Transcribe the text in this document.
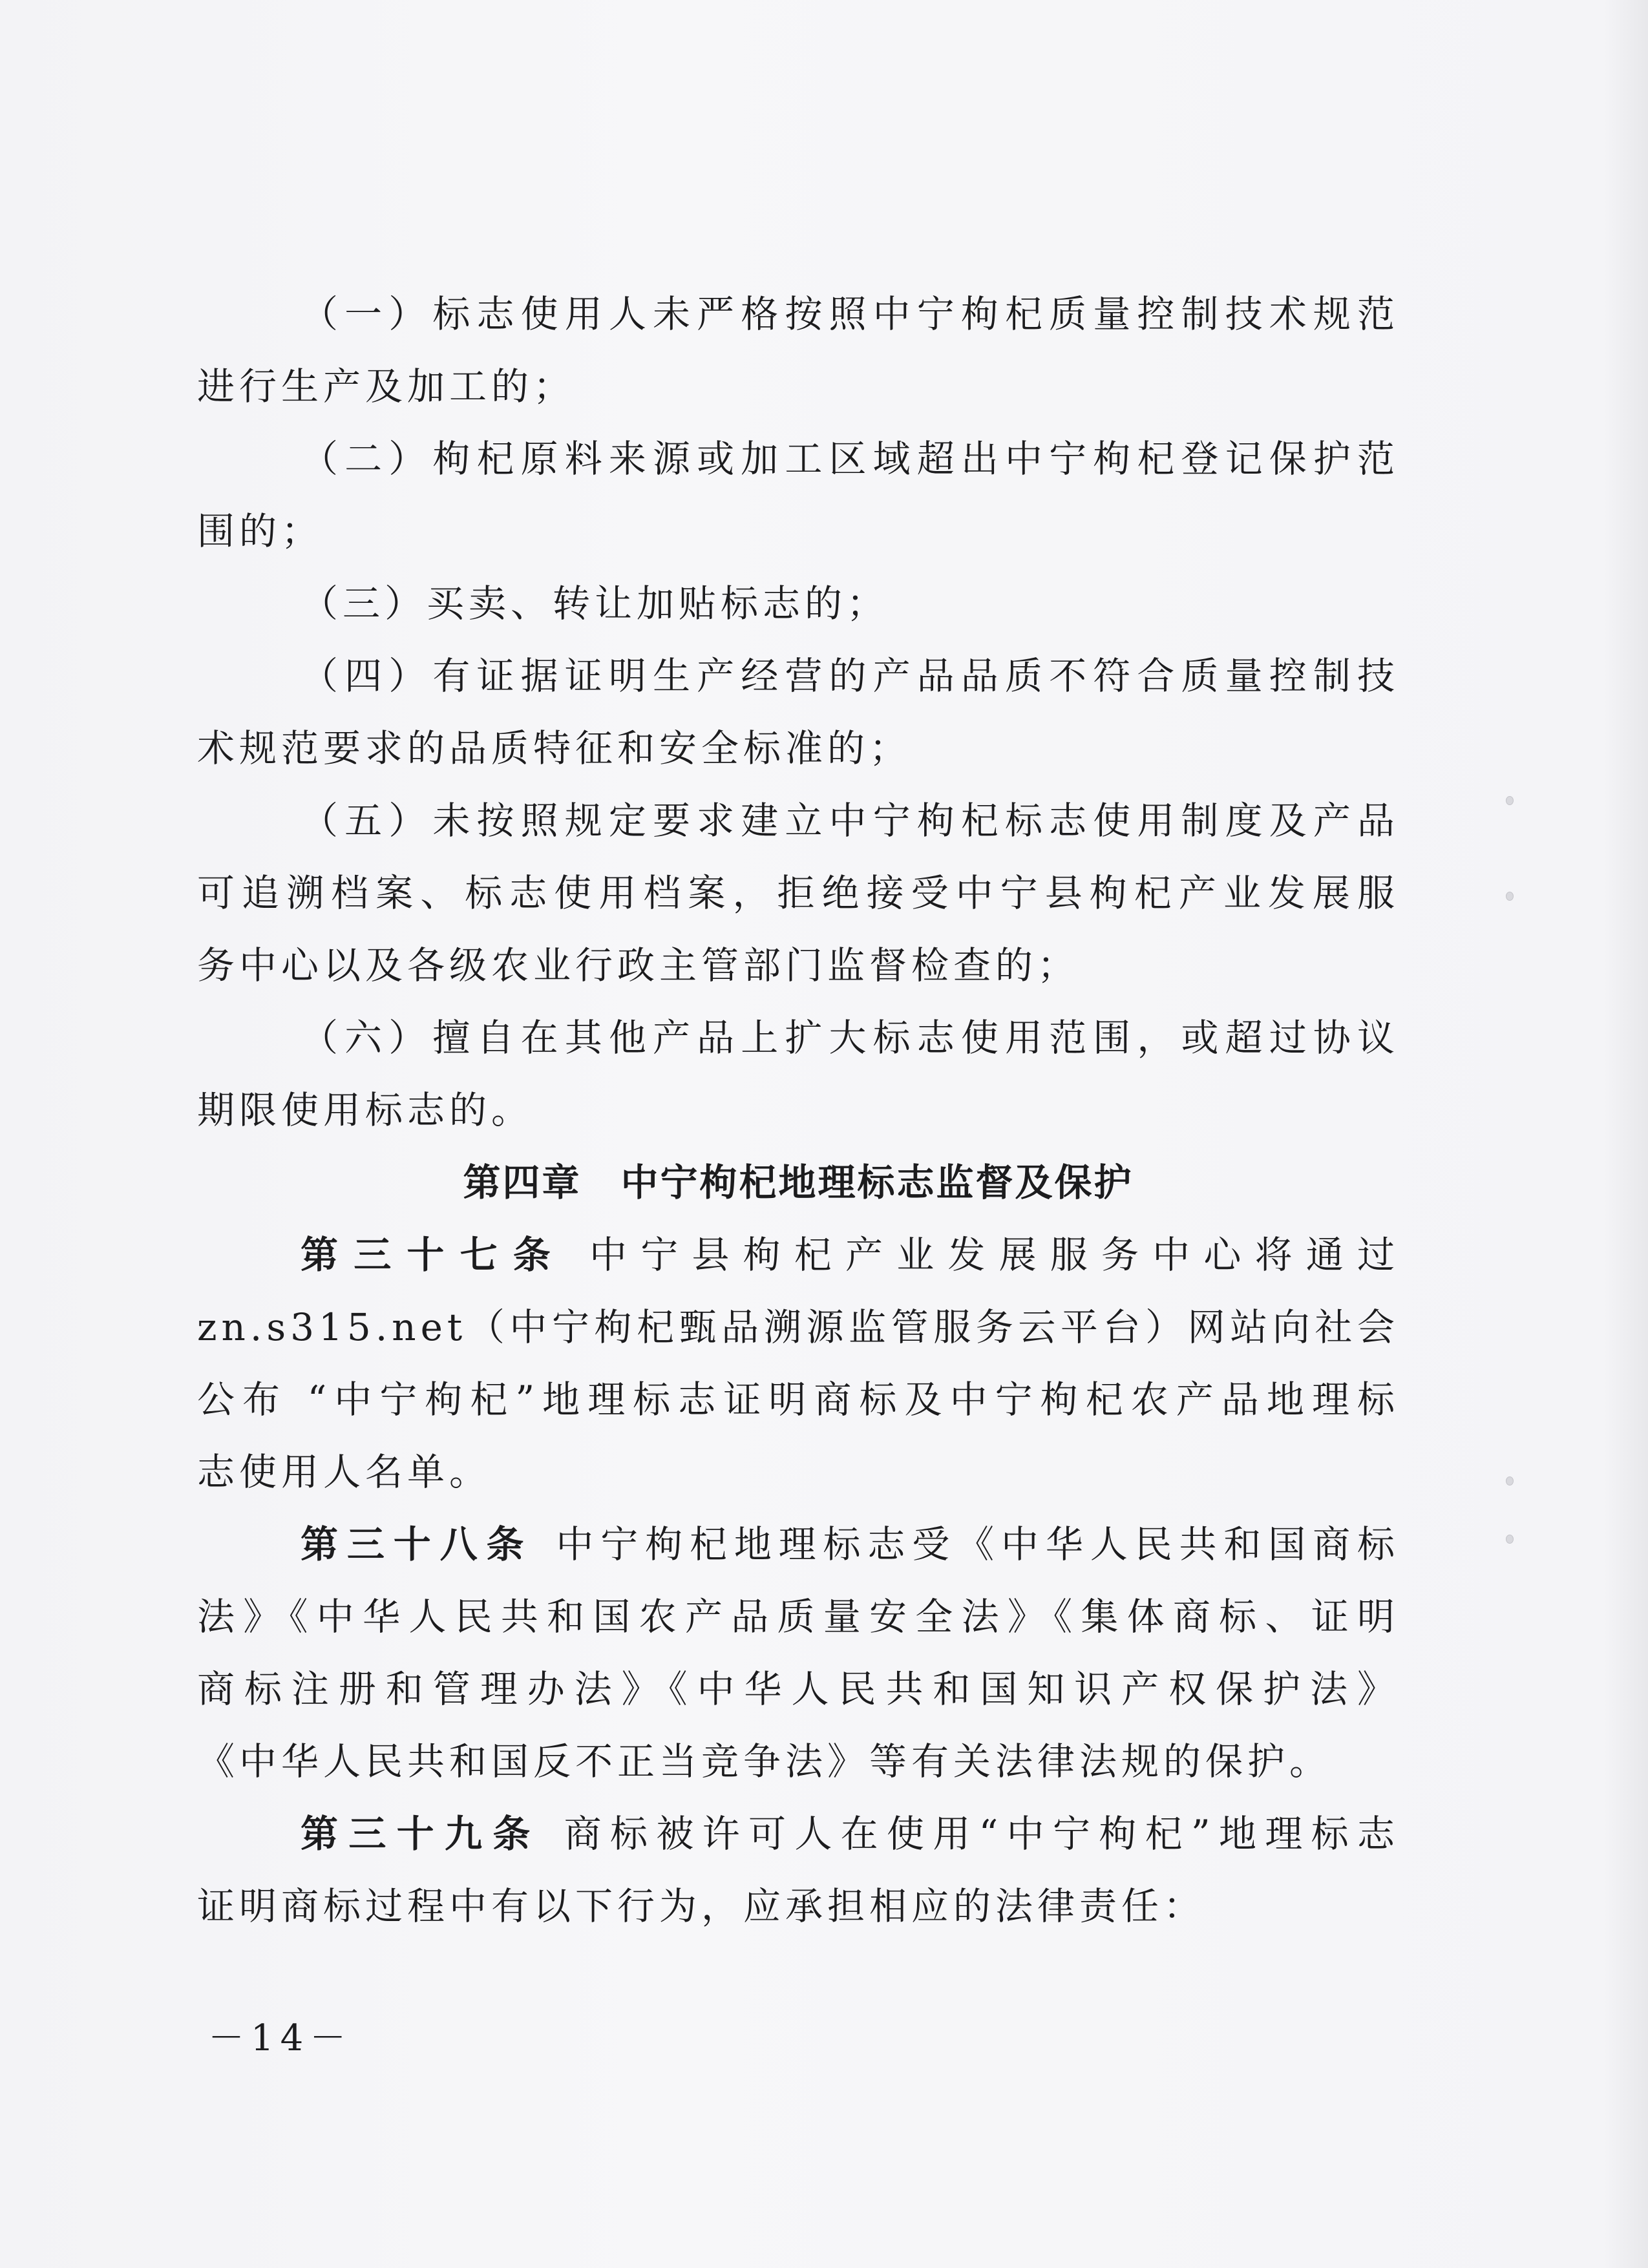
（一）标志使用人未严格按照中宁枸杞质量控制技术规范
进行生产及加工的；
（二）枸杞原料来源或加工区域超出中宁枸杞登记保护范
围的；
（三）买卖、转让加贴标志的；
（四）有证据证明生产经营的产品品质不符合质量控制技
术规范要求的品质特征和安全标准的；
（五）未按照规定要求建立中宁枸杞标志使用制度及产品
可追溯档案、标志使用档案，拒绝接受中宁县枸杞产业发展服
务中心以及各级农业行政主管部门监督检查的；
（六）擅自在其他产品上扩大标志使用范围，或超过协议
期限使用标志的。
第四章　中宁枸杞地理标志监督及保护
第三十七条 中宁县枸杞产业发展服务中心将通过
zn.s315.net（中宁枸杞甄品溯源监管服务云平台）网站向社会
公布 “中宁枸杞”地理标志证明商标及中宁枸杞农产品地理标
志使用人名单。
第三十八条 中宁枸杞地理标志受《中华人民共和国商标
法》《中华人民共和国农产品质量安全法》《集体商标、证明
商标注册和管理办法》《中华人民共和国知识产权保护法》
《中华人民共和国反不正当竞争法》等有关法律法规的保护。
第三十九条 商标被许可人在使用“中宁枸杞”地理标志
证明商标过程中有以下行为，应承担相应的法律责任：
－14－
